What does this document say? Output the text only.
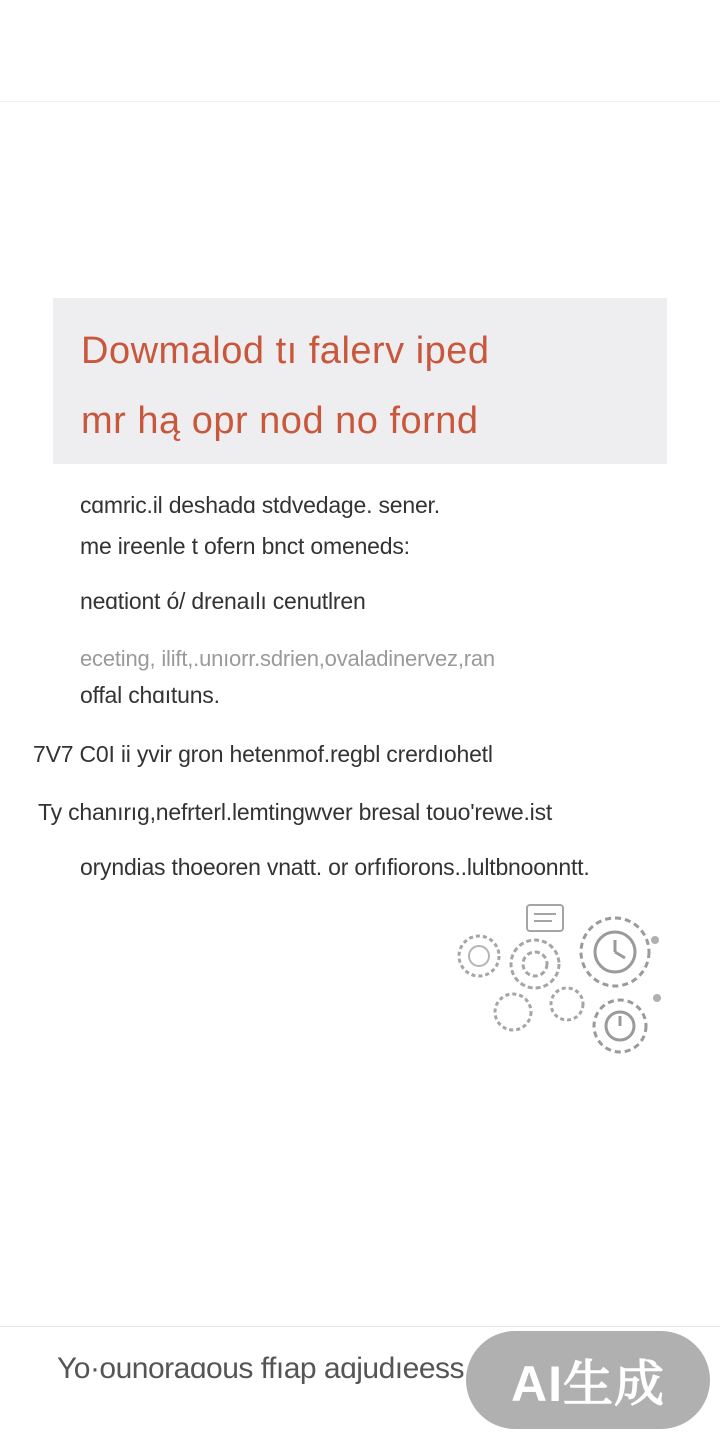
Dowmalod tı falerv iped
mr hą opr nod no fornd
cɑmric.il deshadɑ stdvedage. sener.
me ireenle t ofern bnct omeneds:
neɑtiont ó/ drenaılı cenutlren
eceting, ilift,.unıorr.sdrien,ovaladinervez,ran
offal chɑıtuns.
7V7 C0I ii yvir gron hetenmof.regbl crerdıohetl
Ty chanırıg,nefrterl.lemtingwver bresal touo'rewe.ist
oryndias thoeoren vnatt. or orfıfiorons..lultbnoonntt.
Yo·ounoraɑous ffıap aɑjudıeess AI生成
